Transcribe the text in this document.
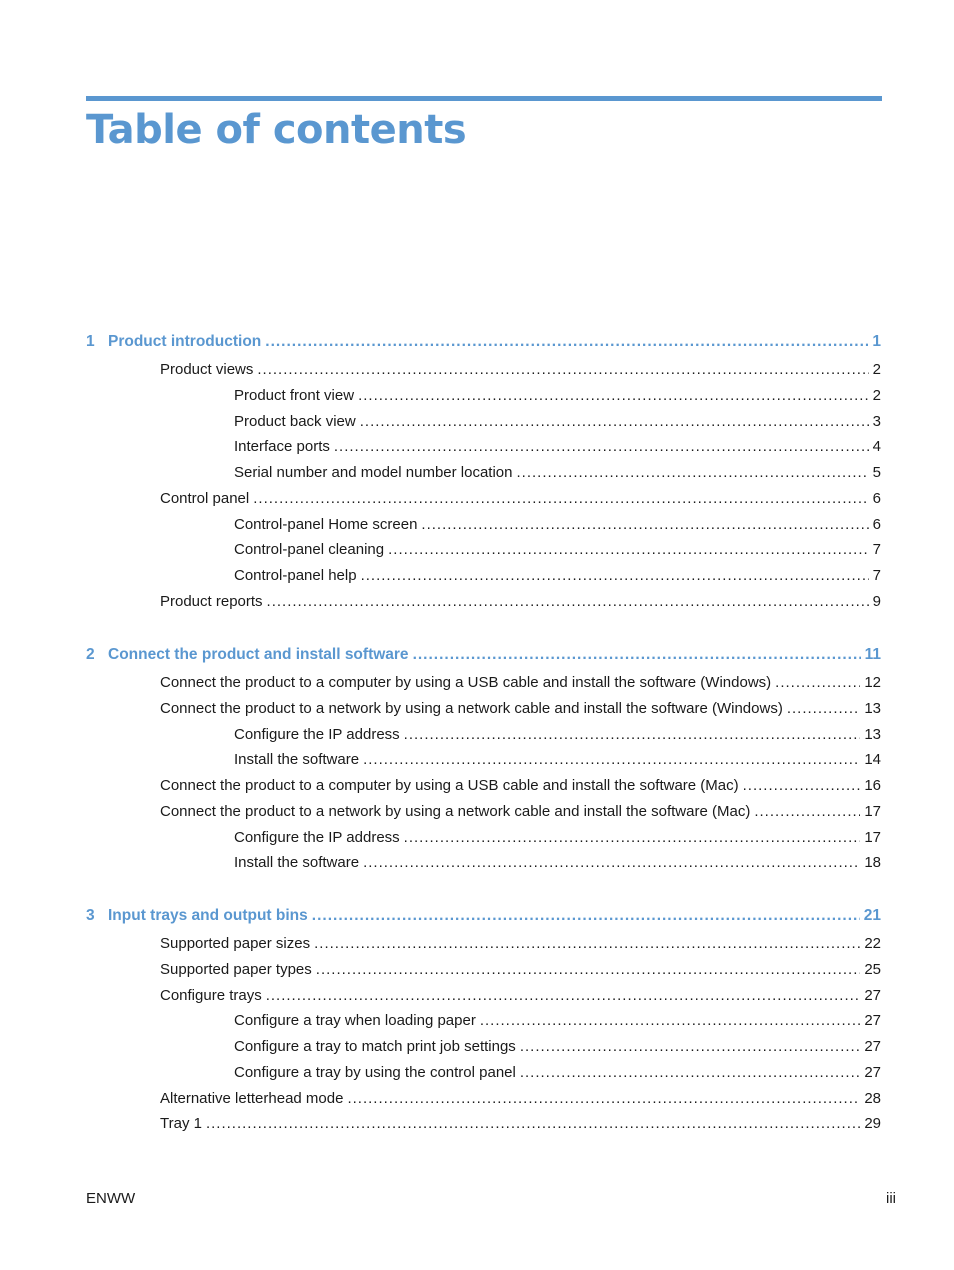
Table of contents
1 Product introduction .....	1
Product views .....	2
Product front view .....	2
Product back view .....	3
Interface ports .....	4
Serial number and model number location .....	5
Control panel .....	6
Control-panel Home screen .....	6
Control-panel cleaning .....	7
Control-panel help .....	7
Product reports .....	9
2 Connect the product and install software .....	11
Connect the product to a computer by using a USB cable and install the software (Windows) .....	12
Connect the product to a network by using a network cable and install the software (Windows) .....	13
Configure the IP address .....	13
Install the software .....	14
Connect the product to a computer by using a USB cable and install the software (Mac) .....	16
Connect the product to a network by using a network cable and install the software (Mac) .....	17
Configure the IP address .....	17
Install the software .....	18
3 Input trays and output bins .....	21
Supported paper sizes .....	22
Supported paper types .....	25
Configure trays .....	27
Configure a tray when loading paper .....	27
Configure a tray to match print job settings .....	27
Configure a tray by using the control panel .....	27
Alternative letterhead mode .....	28
Tray 1 .....	29
ENWW	iii
